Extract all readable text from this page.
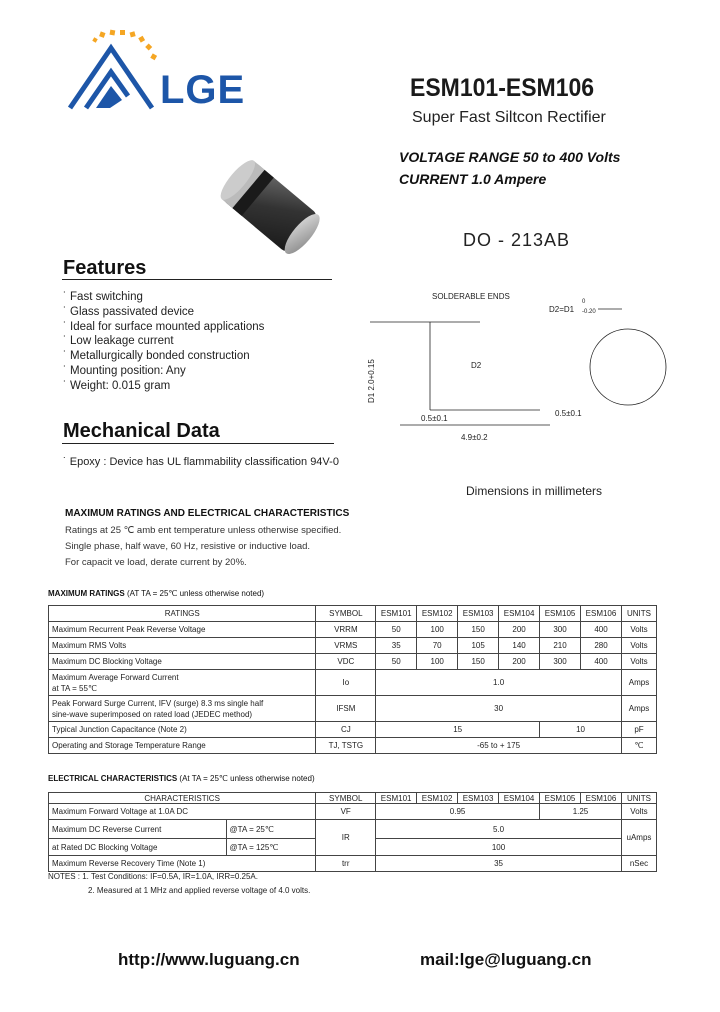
LGE	ESM101-ESM106
Super Fast Siltcon Rectifier
VOLTAGE RANGE 50 to 400 Volts
CURRENT 1.0 Ampere
DO - 213AB
Features
˙ Fast switching
˙ Glass passivated device
˙ Ideal for surface mounted applications
˙ Low leakage current
˙ Metallurgically bonded construction
˙ Mounting position: Any
˙ Weight: 0.015 gram
Mechanical Data
˙ Epoxy : Device has UL flammability classification 94V-0
SOLDERABLE ENDS
D2=D1
0
-0.20
D2
D1 2.0+0.15
0.5±0.1
0.5±0.1
4.9±0.2
Dimensions in millimeters
MAXIMUM RATINGS AND ELECTRICAL CHARACTERISTICS
Ratings at 25 ℃ amb ent temperature unless otherwise specified.
Single phase, half wave, 60 Hz, resistive or inductive load.
For capacit ve load, derate current by 20%.
MAXIMUM RATINGS (AT TA = 25℃ unless otherwise noted)
RATINGS	SYMBOL	ESM101	ESM102	ESM103	ESM104	ESM105	ESM106	UNITS
Maximum Recurrent Peak Reverse Voltage	VRRM	50	100	150	200	300	400	Volts
Maximum RMS Volts	VRMS	35	70	105	140	210	280	Volts
Maximum DC Blocking Voltage	VDC	50	100	150	200	300	400	Volts
Maximum Average Forward Current
at TA = 55℃	Io	1.0						Amps
Peak Forward Surge Current, IFV (surge) 8.3 ms single half
sine-wave superimposed on rated load (JEDEC method)	IFSM	30						Amps
Typical Junction Capacitance (Note 2)	CJ	15				10		pF
Operating and Storage Temperature Range	TJ, TSTG	-65 to + 175						℃
ELECTRICAL CHARACTERISTICS (At TA = 25℃ unless otherwise noted)
CHARACTERISTICS		SYMBOL	ESM101	ESM102	ESM103	ESM104	ESM105	ESM106	UNITS
Maximum Forward Voltage at 1.0A DC		VF	0.95				1.25		Volts
Maximum DC Reverse Current	@TA = 25℃	IR	5.0						uAmps
at Rated DC Blocking Voltage	@TA = 125℃		100						
Maximum Reverse Recovery Time (Note 1)		trr	35						nSec
NOTES : 1. Test Conditions: IF=0.5A, IR=1.0A, IRR=0.25A.
2. Measured at 1 MHz and applied reverse voltage of 4.0 volts.
http://www.luguang.cn	mail:lge@luguang.cn
